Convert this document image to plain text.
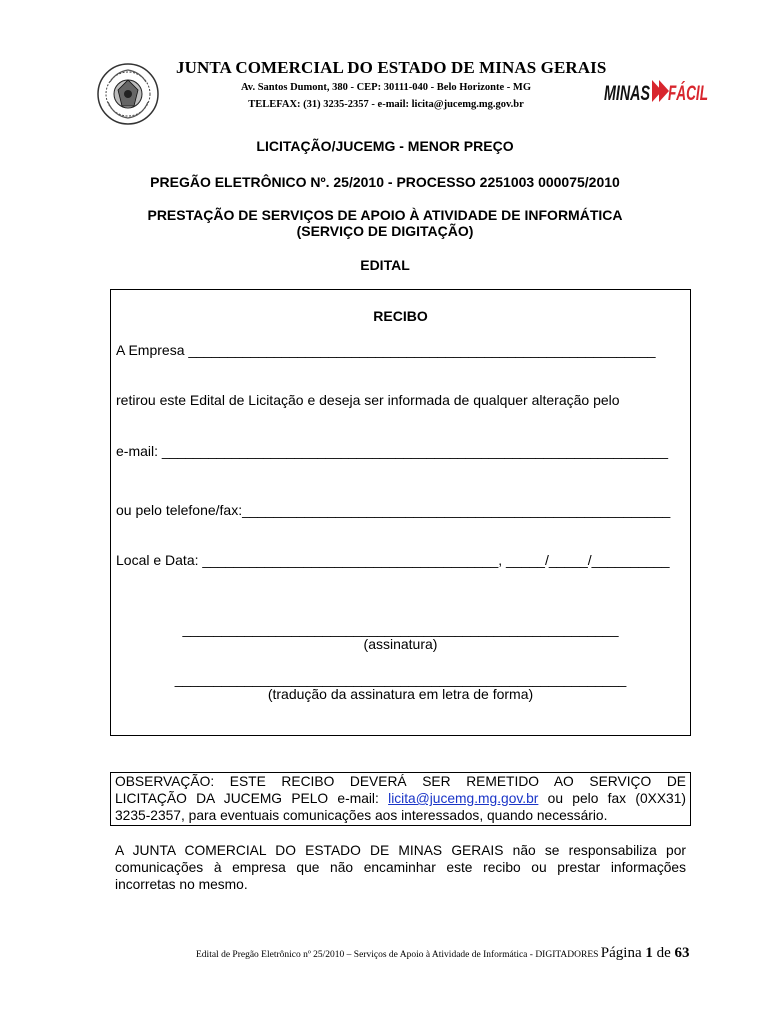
JUNTA COMERCIAL DO ESTADO DE MINAS GERAIS
Av. Santos Dumont, 380 - CEP: 30111-040 - Belo Horizonte - MG
TELEFAX: (31) 3235-2357 - e-mail: licita@jucemg.mg.gov.br	MINAS FÁCIL
LICITAÇÃO/JUCEMG - MENOR PREÇO
PREGÃO ELETRÔNICO Nº. 25/2010 - PROCESSO 2251003 000075/2010
PRESTAÇÃO DE SERVIÇOS DE APOIO À ATIVIDADE DE INFORMÁTICA
(SERVIÇO DE DIGITAÇÃO)
EDITAL
RECIBO
A Empresa ____________________________________________________________
retirou este Edital de Licitação e deseja ser informada de qualquer alteração pelo
e-mail: _________________________________________________________________
ou pelo telefone/fax:_______________________________________________________
Local e Data: ______________________________________, _____/_____/__________
________________________________________________________
(assinatura)
__________________________________________________________
(tradução da assinatura em letra de forma)
OBSERVAÇÃO: ESTE RECIBO DEVERÁ SER REMETIDO AO SERVIÇO DE
LICITAÇÃO DA JUCEMG PELO e-mail: licita@jucemg.mg.gov.br ou pelo fax (0XX31)
3235-2357, para eventuais comunicações aos interessados, quando necessário.
A JUNTA COMERCIAL DO ESTADO DE MINAS GERAIS não se responsabiliza por
comunicações à empresa que não encaminhar este recibo ou prestar informações
incorretas no mesmo.
Edital de Pregão Eletrônico nº 25/2010 – Serviços de Apoio à Atividade de Informática - DIGITADORES Página 1 de 63
